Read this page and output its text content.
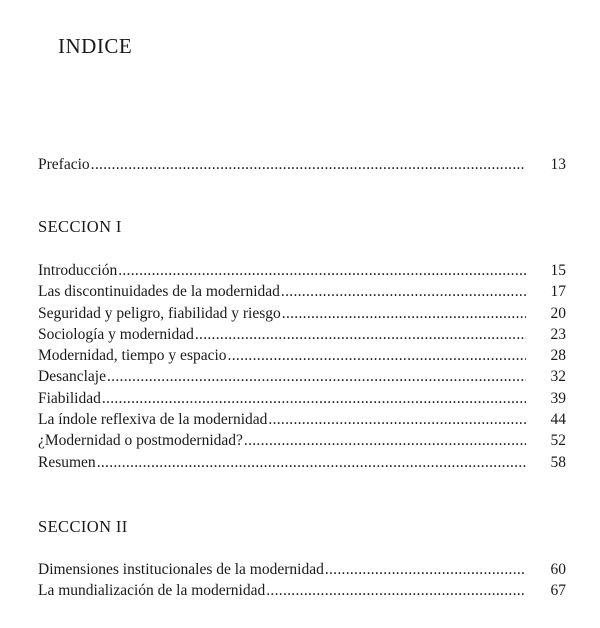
INDICE
Prefacio .....	13
SECCION I
Introducción .....	15
Las discontinuidades de la modernidad .....	17
Seguridad y peligro, fiabilidad y riesgo .....	20
Sociología y modernidad .....	23
Modernidad, tiempo y espacio .....	28
Desanclaje .....	32
Fiabilidad .....	39
La índole reflexiva de la modernidad .....	44
¿Modernidad o postmodernidad? .....	52
Resumen .....	58
SECCION II
Dimensiones institucionales de la modernidad .....	60
La mundialización de la modernidad .....	67
